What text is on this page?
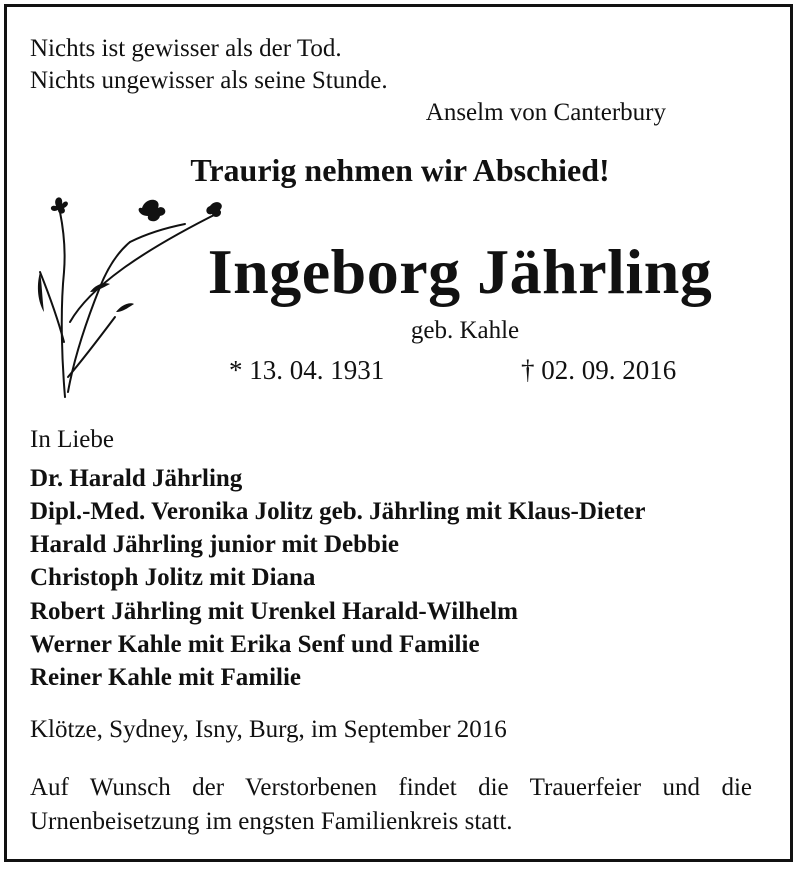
Nichts ist gewisser als der Tod.
Nichts ungewisser als seine Stunde.
Anselm von Canterbury
Traurig nehmen wir Abschied!
Ingeborg Jährling
geb. Kahle
* 13. 04. 1931	† 02. 09. 2016
In Liebe
Dr. Harald Jährling
Dipl.-Med. Veronika Jolitz geb. Jährling mit Klaus-Dieter
Harald Jährling junior mit Debbie
Christoph Jolitz mit Diana
Robert Jährling mit Urenkel Harald-Wilhelm
Werner Kahle mit Erika Senf und Familie
Reiner Kahle mit Familie
Klötze, Sydney, Isny, Burg, im September 2016
Auf Wunsch der Verstorbenen findet die Trauerfeier und die
Urnenbeisetzung im engsten Familienkreis statt.
